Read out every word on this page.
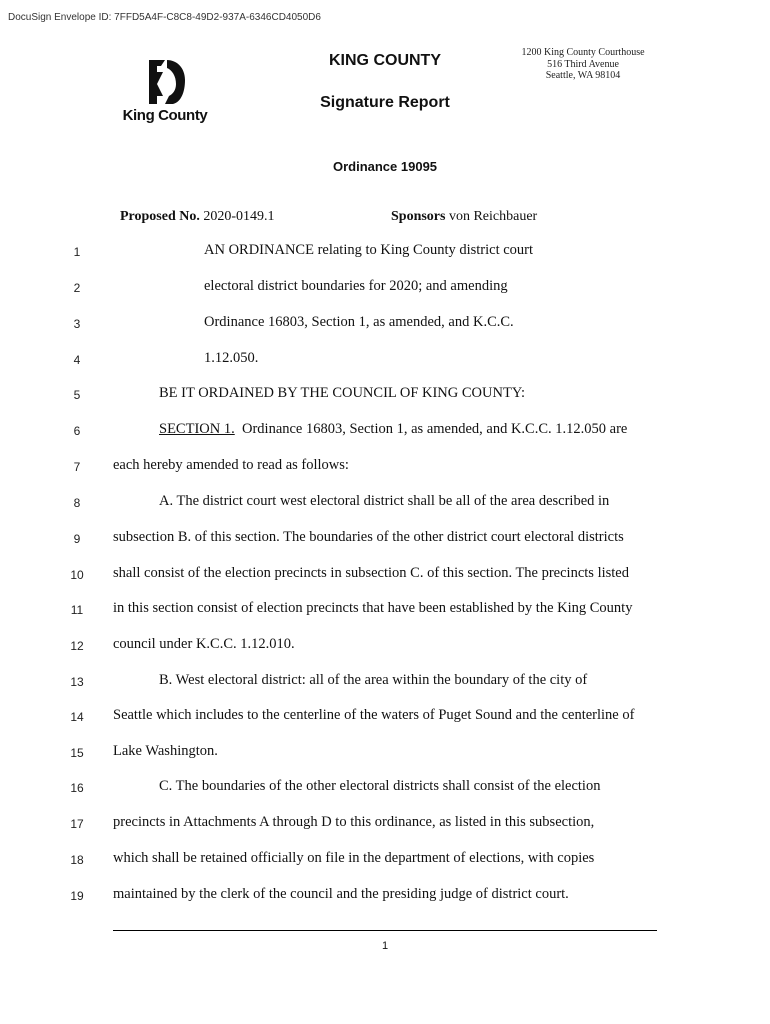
DocuSign Envelope ID: 7FFD5A4F-C8C8-49D2-937A-6346CD4050D6
King County
KING COUNTY
Signature Report
1200 King County Courthouse
516 Third Avenue
Seattle, WA 98104
Ordinance 19095
Proposed No. 2020-0149.1	Sponsors von Reichbauer
1	AN ORDINANCE relating to King County district court
2	electoral district boundaries for 2020; and amending
3	Ordinance 16803, Section 1, as amended, and K.C.C.
4	1.12.050.
5	BE IT ORDAINED BY THE COUNCIL OF KING COUNTY:
6	SECTION 1. Ordinance 16803, Section 1, as amended, and K.C.C. 1.12.050 are
7	each hereby amended to read as follows:
8	A. The district court west electoral district shall be all of the area described in
9	subsection B. of this section. The boundaries of the other district court electoral districts
10	shall consist of the election precincts in subsection C. of this section. The precincts listed
11	in this section consist of election precincts that have been established by the King County
12	council under K.C.C. 1.12.010.
13	B. West electoral district: all of the area within the boundary of the city of
14	Seattle which includes to the centerline of the waters of Puget Sound and the centerline of
15	Lake Washington.
16	C. The boundaries of the other electoral districts shall consist of the election
17	precincts in Attachments A through D to this ordinance, as listed in this subsection,
18	which shall be retained officially on file in the department of elections, with copies
19	maintained by the clerk of the council and the presiding judge of district court.
1
